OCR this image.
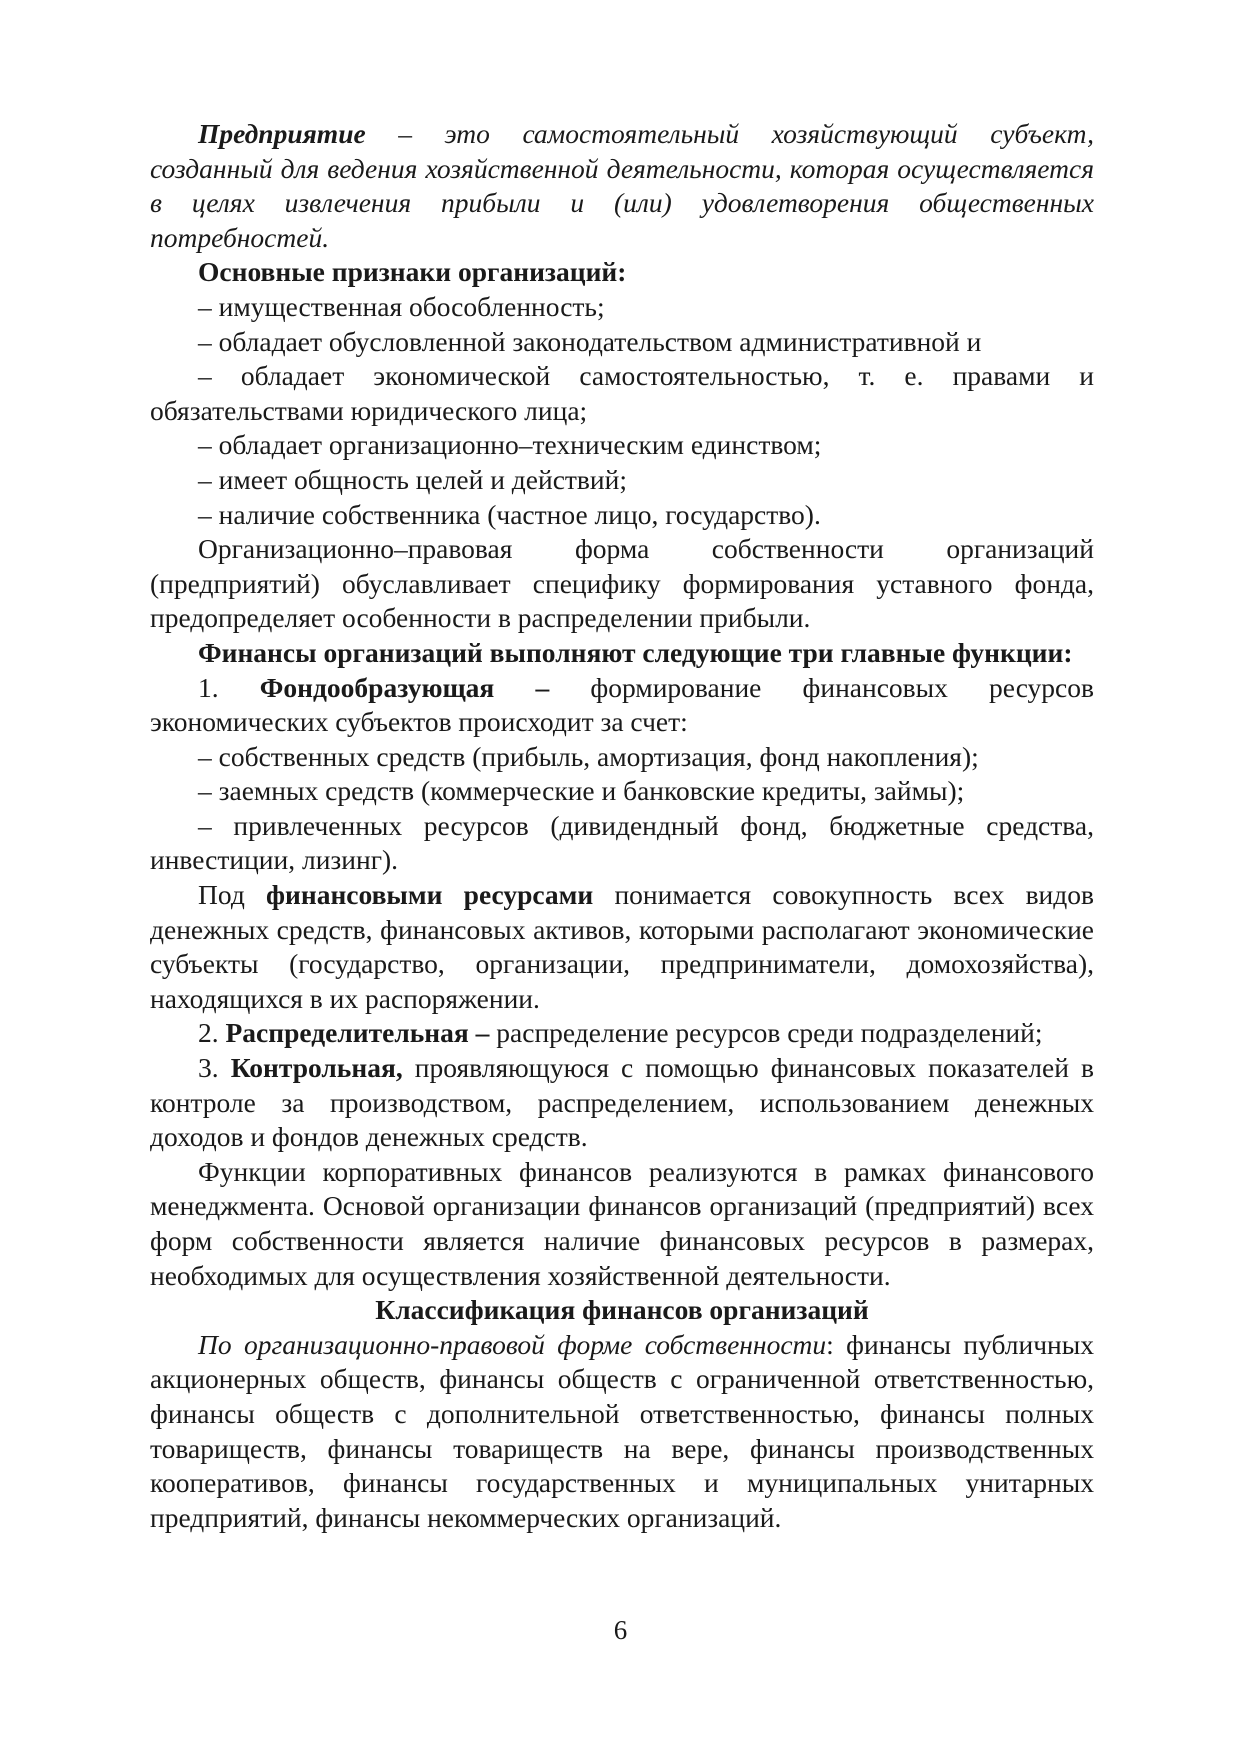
Предприятие – это самостоятельный хозяйствующий субъект, созданный для ведения хозяйственной деятельности, которая осуществляется в целях извлечения прибыли и (или) удовлетворения общественных потребностей.

Основные признаки организаций:

– имущественная обособленность;

– обладает обусловленной законодательством административной и

– обладает экономической самостоятельностью, т. е. правами и обязательствами юридического лица;

– обладает организационно–техническим единством;

– имеет общность целей и действий;

– наличие собственника (частное лицо, государство).

Организационно–правовая форма собственности организаций (предприятий) обуславливает специфику формирования уставного фонда, предопределяет особенности в распределении прибыли.

Финансы организаций выполняют следующие три главные функции:

1. Фондообразующая – формирование финансовых ресурсов экономических субъектов происходит за счет:

– собственных средств (прибыль, амортизация, фонд накопления);

– заемных средств (коммерческие и банковские кредиты, займы);

– привлеченных ресурсов (дивидендный фонд, бюджетные средства, инвестиции, лизинг).

Под финансовыми ресурсами понимается совокупность всех видов денежных средств, финансовых активов, которыми располагают экономические субъекты (государство, организации, предприниматели, домохозяйства), находящихся в их распоряжении.

2. Распределительная – распределение ресурсов среди подразделений;

3. Контрольная, проявляющуюся с помощью финансовых показателей в контроле за производством, распределением, использованием денежных доходов и фондов денежных средств.

Функции корпоративных финансов реализуются в рамках финансового менеджмента. Основой организации финансов организаций (предприятий) всех форм собственности является наличие финансовых ресурсов в размерах, необходимых для осуществления хозяйственной деятельности.

Классификация финансов организаций

По организационно-правовой форме собственности: финансы публичных акционерных обществ, финансы обществ с ограниченной ответственностью, финансы обществ с дополнительной ответственностью, финансы полных товариществ, финансы товариществ на вере, финансы производственных кооперативов, финансы государственных и муниципальных унитарных предприятий, финансы некоммерческих организаций.

6
